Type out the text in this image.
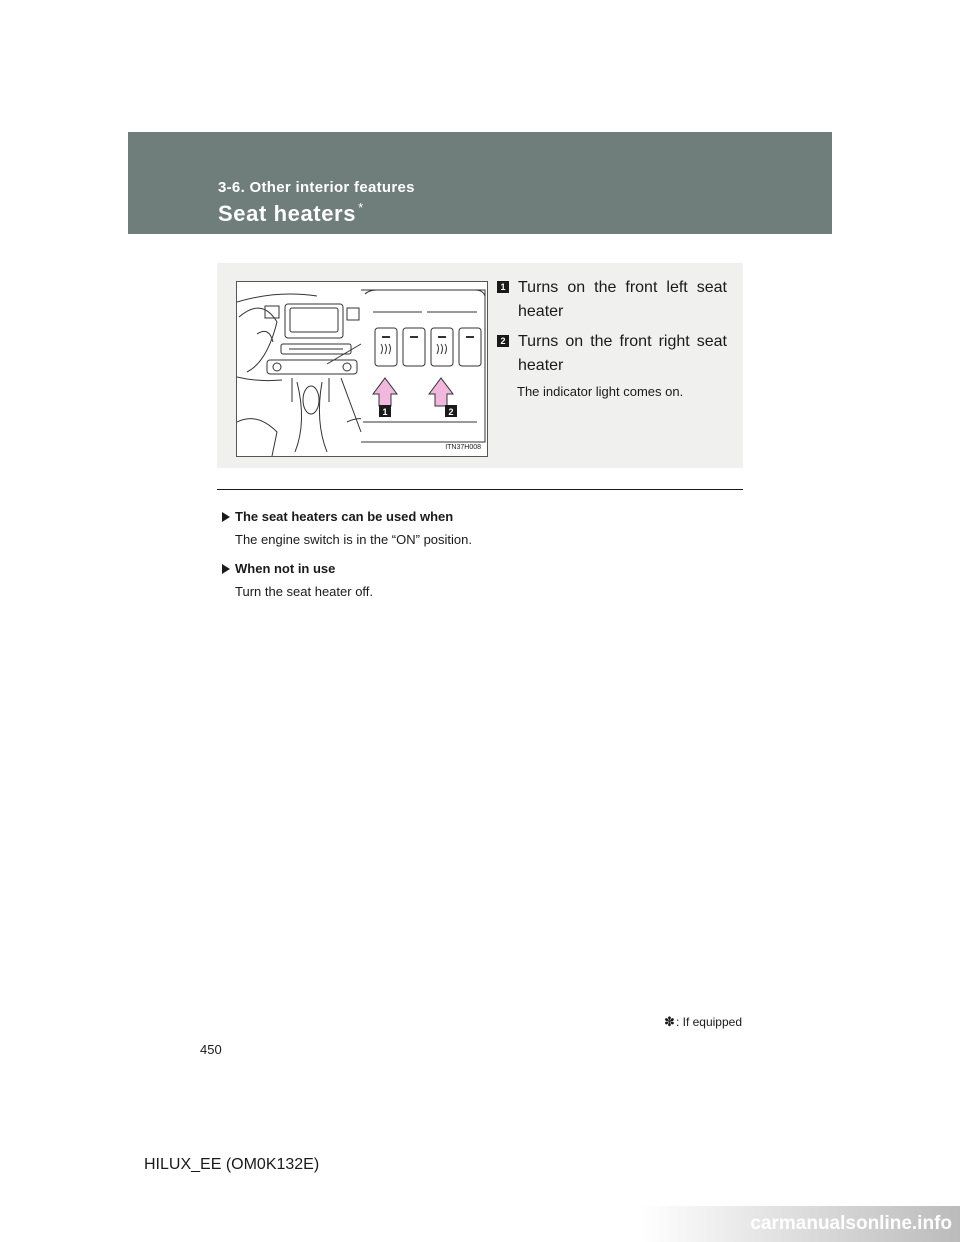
3-6. Other interior features
Seat heaters *
1	2
ITN37H008
1 Turns on the front left seat heater
2 Turns on the front right seat heater
The indicator light comes on.

The seat heaters can be used when

The engine switch is in the “ON” position.

When not in use

Turn the seat heater off.

✽: If equipped
450
HILUX_EE (OM0K132E)
carmanualsonline.info
